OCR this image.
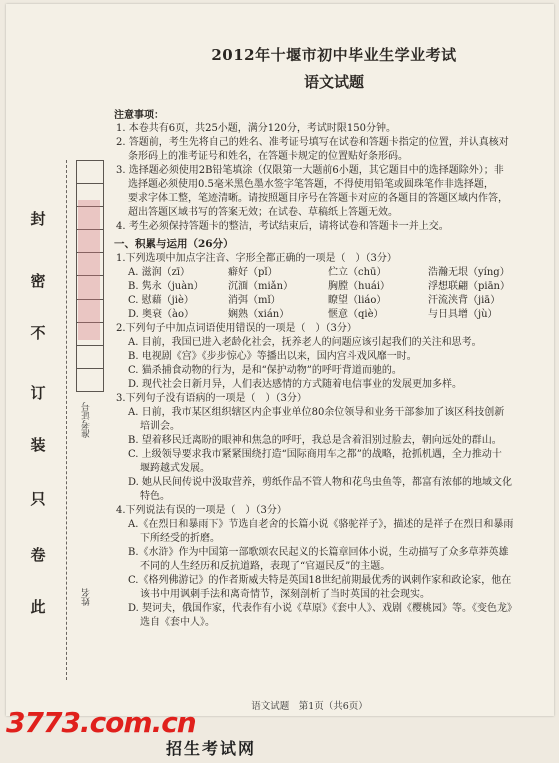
封
密
不
订
装
只
卷
此
准考证号
姓名
2012年十堰市初中毕业生学业考试
语文试题
注意事项：

1. 本卷共有6页，共25小题，满分120分，考试时限150分钟。

2. 答题前，考生先将自己的姓名、准考证号填写在试卷和答题卡指定的位置，并认真核对

条形码上的准考证号和姓名，在答题卡规定的位置贴好条形码。

3. 选择题必须使用2B铅笔填涂（仅限第一大题前6小题，其它题目中的选择题除外）；非

选择题必须使用0.5毫米黑色墨水签字笔答题，不得使用铅笔或圆珠笔作非选择题，

要求字体工整，笔迹清晰。请按照题目序号在答题卡对应的各题目的答题区域内作答，

超出答题区域书写的答案无效；在试卷、草稿纸上答题无效。

4. 考生必须保持答题卡的整洁，考试结束后，请将试卷和答题卡一并上交。

一、积累与运用（26分）

1.下列选项中加点字注音、字形全都正确的一项是（　）（3分）

A. 滋润（zī）	癖好（pǐ）	伫立（chū）	浩瀚无垠（yíng）
B. 隽永（juàn）	沉湎（miǎn）	胸膛（huái）	浮想联翩（piān）
C. 慰藉（jiè）	消弭（mǐ）	瞭望（liáo）	汗流浃背（jiā）
D. 奥衰（ào）	娴熟（xián）	惬意（qiè）	与日具增（jù）

2.下列句子中加点词语使用错误的一项是（　）（3分）

A. 目前，我国已进入老龄化社会，抚养老人的问题应该引起我们的关注和思考。

B. 电视剧《宫》《步步惊心》等播出以来，国内宫斗戏风靡一时。

C. 猫杀捕食动物的行为，是和“保护动物”的呼吁背道而驰的。

D. 现代社会日新月异，人们表达感情的方式随着电信事业的发展更加多样。

3.下列句子没有语病的一项是（　）（3分）

A. 日前，我市某区组织辖区内企事业单位80余位领导和业务干部参加了该区科技创新

培训会。

B. 望着移民迁离盼的眼神和焦急的呼吁，我总是含着泪别过脸去，朝向远处的群山。

C. 上级领导要求我市紧紧围绕打造“国际商用车之都”的战略，抢抓机遇，全力推动十

堰跨越式发展。

D. 她从民间传说中汲取营养，剪纸作品不管人物和花鸟虫鱼等，都富有浓郁的地域文化

特色。

4.下列说法有误的一项是（　）（3分）

A.《在烈日和暴雨下》节选自老舍的长篇小说《骆驼祥子》，描述的是祥子在烈日和暴雨

下所经受的折磨。

B.《水浒》作为中国第一部歌颂农民起义的长篇章回体小说，生动描写了众多草莽英雄

不同的人生经历和反抗道路，表现了“官逼民反”的主题。

C.《格列佛游记》的作者斯威夫特是英国18世纪前期最优秀的讽刺作家和政论家，他在

该书中用讽刺手法和离奇情节，深刻剖析了当时英国的社会现实。

D. 契诃夫，俄国作家，代表作有小说《草原》《套中人》、戏剧《樱桃园》等。《变色龙》

选自《套中人》。

语文试题　第1页（共6页）
3773.com.cn
招生考试网
